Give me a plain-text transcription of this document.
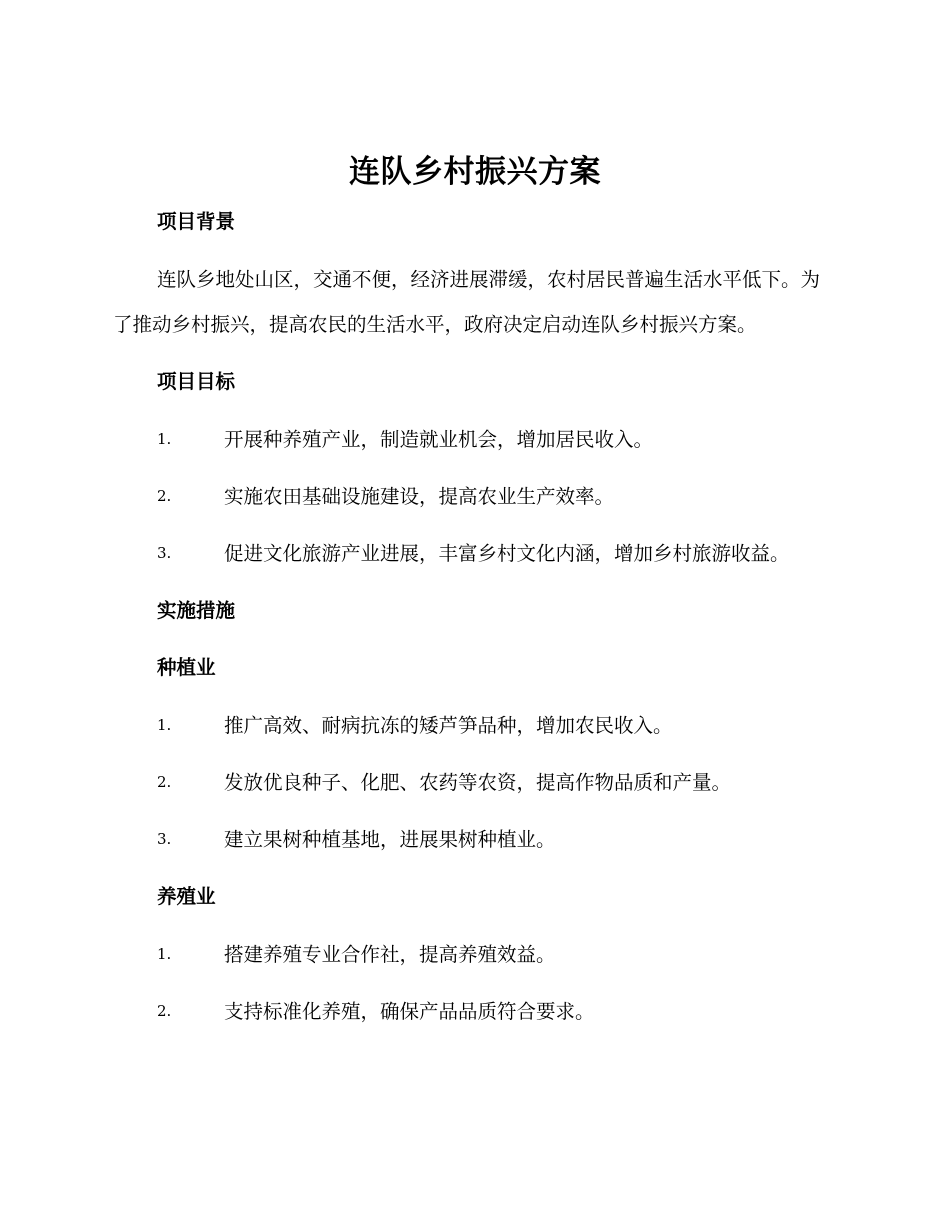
连队乡村振兴方案
项目背景
连队乡地处山区，交通不便，经济进展滞缓，农村居民普遍生活水平低下。为了推动乡村振兴，提高农民的生活水平，政府决定启动连队乡村振兴方案。
项目目标
1.	开展种养殖产业，制造就业机会，增加居民收入。
2.	实施农田基础设施建设，提高农业生产效率。
3.	促进文化旅游产业进展，丰富乡村文化内涵，增加乡村旅游收益。
实施措施
种植业
1.	推广高效、耐病抗冻的矮芦笋品种，增加农民收入。
2.	发放优良种子、化肥、农药等农资，提高作物品质和产量。
3.	建立果树种植基地，进展果树种植业。
养殖业
1.	搭建养殖专业合作社，提高养殖效益。
2.	支持标准化养殖，确保产品品质符合要求。
